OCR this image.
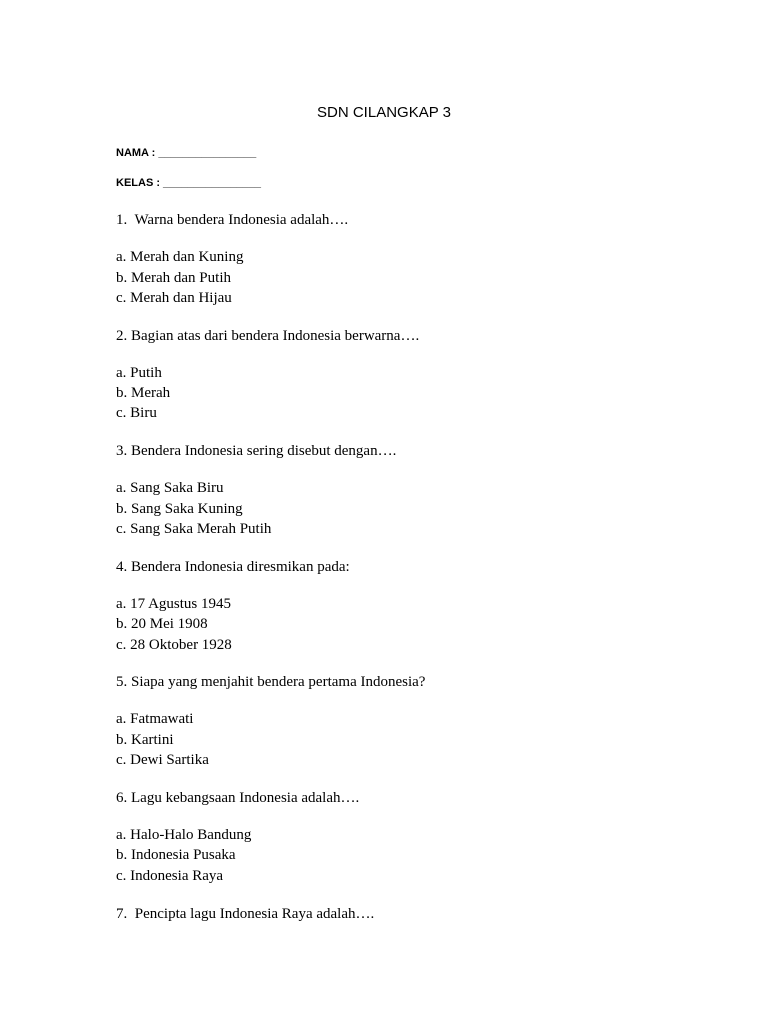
SDN CILANGKAP 3
NAMA : ________________
KELAS : ________________
1.  Warna bendera Indonesia adalah….
a. Merah dan Kuning
b. Merah dan Putih
c. Merah dan Hijau
2. Bagian atas dari bendera Indonesia berwarna….
a. Putih
b. Merah
c. Biru
3. Bendera Indonesia sering disebut dengan….
a. Sang Saka Biru
b. Sang Saka Kuning
c. Sang Saka Merah Putih
4. Bendera Indonesia diresmikan pada:
a. 17 Agustus 1945
b. 20 Mei 1908
c. 28 Oktober 1928
5. Siapa yang menjahit bendera pertama Indonesia?
a. Fatmawati
b. Kartini
c. Dewi Sartika
6. Lagu kebangsaan Indonesia adalah….
a. Halo-Halo Bandung
b. Indonesia Pusaka
c. Indonesia Raya
7.  Pencipta lagu Indonesia Raya adalah….
